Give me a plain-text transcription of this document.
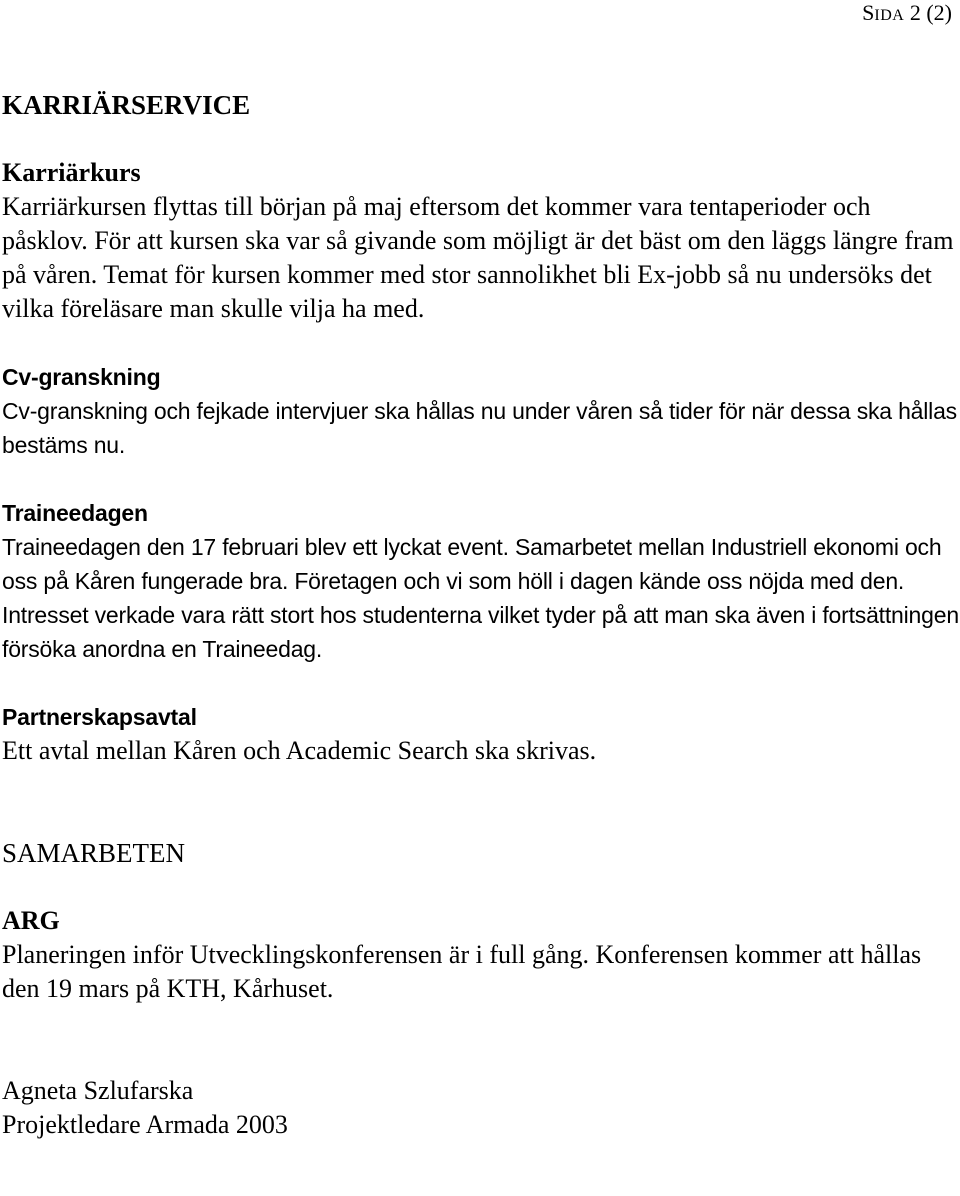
SIDA 2 (2)

KARRIÄRSERVICE

Karriärkurs

Karriärkursen flyttas till början på maj eftersom det kommer vara tentaperioder och påsklov. För att kursen ska var så givande som möjligt är det bäst om den läggs längre fram på våren. Temat för kursen kommer med stor sannolikhet bli Ex-jobb så nu undersöks det vilka föreläsare man skulle vilja ha med.

Cv-granskning

Cv-granskning och fejkade intervjuer ska hållas nu under våren så tider för när dessa ska hållas bestäms nu.

Traineedagen

Traineedagen den 17 februari blev ett lyckat event. Samarbetet mellan Industriell ekonomi och oss på Kåren fungerade bra. Företagen och vi som höll i dagen kände oss nöjda med den. Intresset verkade vara rätt stort hos studenterna vilket tyder på att man ska även i fortsättningen försöka anordna en Traineedag.

Partnerskapsavtal

Ett avtal mellan Kåren och Academic Search ska skrivas.

SAMARBETEN

ARG

Planeringen inför Utvecklingskonferensen är i full gång. Konferensen kommer att hållas den 19 mars på KTH, Kårhuset.

Agneta Szlufarska

Projektledare Armada 2003
